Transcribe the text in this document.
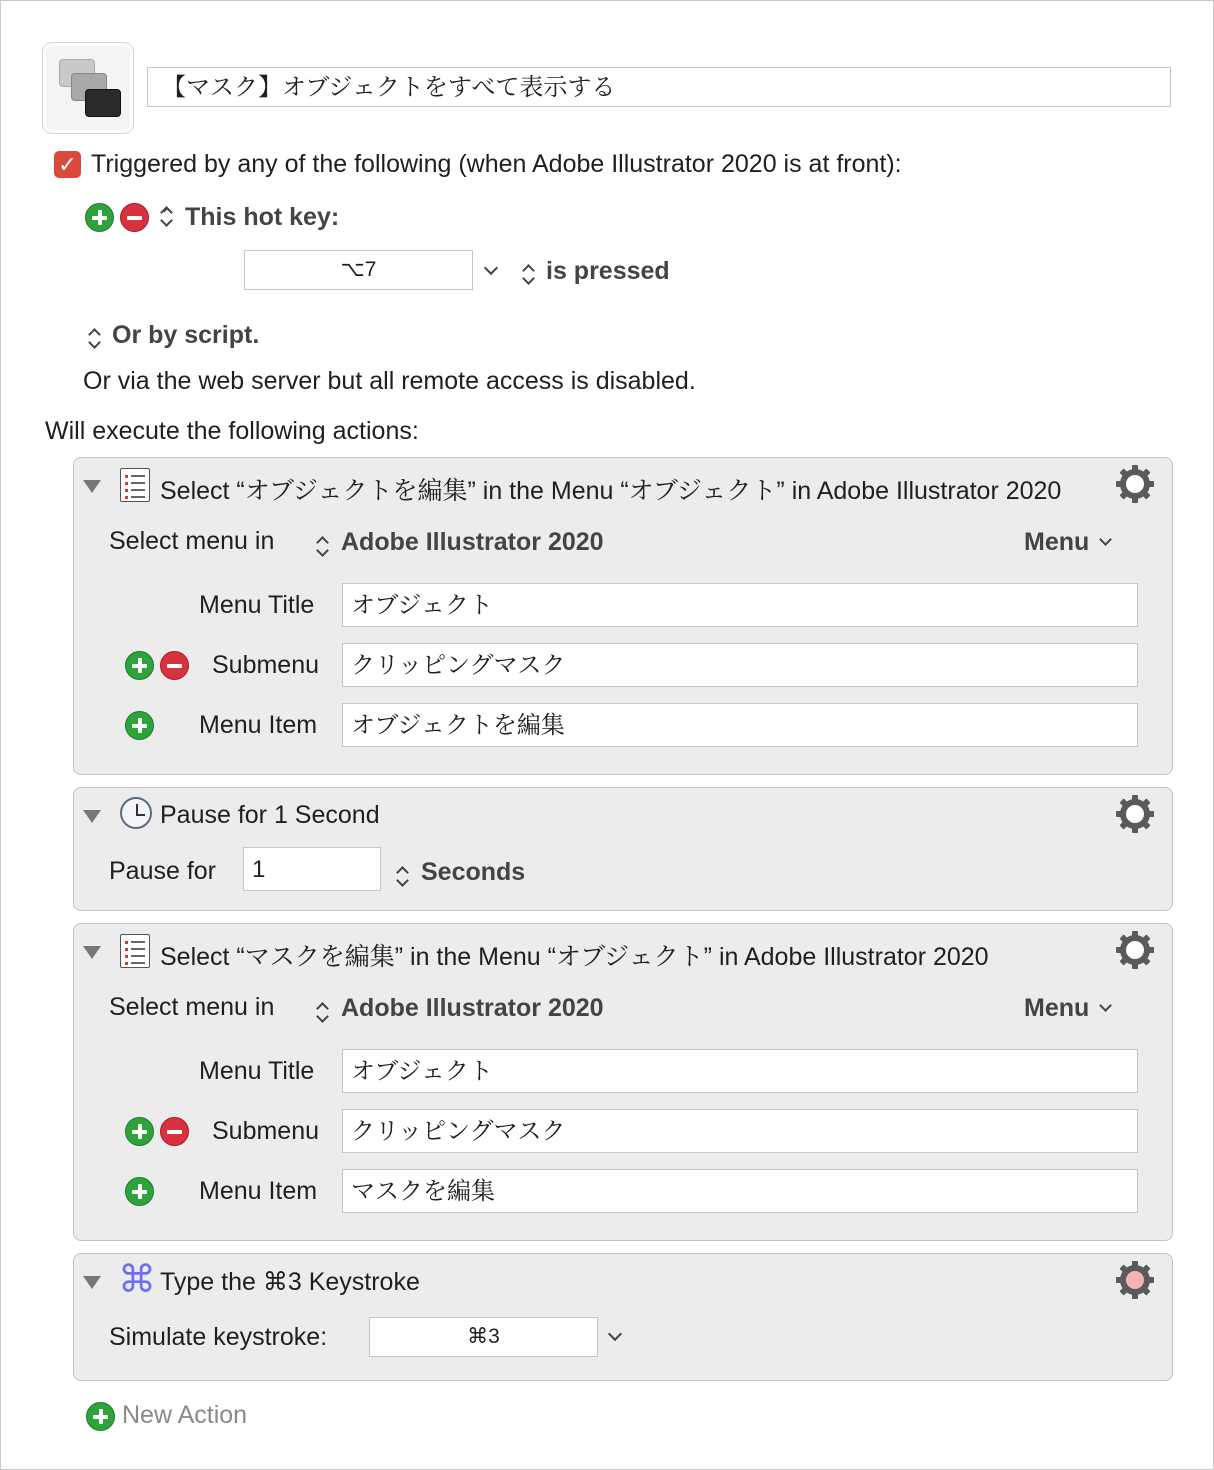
【マスク】オブジェクトをすべて表示する
✓ Triggered by any of the following (when Adobe Illustrator 2020 is at front):
⌃ This hot key:
⌥7	is pressed
Or by script.
Or via the web server but all remote access is disabled.
Will execute the following actions:
Select “オブジェクトを編集” in the Menu “オブジェクト” in Adobe Illustrator 2020
Select menu in	Adobe Illustrator 2020	Menu
Menu Title	オブジェクト
Submenu	クリッピングマスク
Menu Item	オブジェクトを編集
Pause for 1 Second
Pause for	1	Seconds
Select “マスクを編集” in the Menu “オブジェクト” in Adobe Illustrator 2020
Select menu in	Adobe Illustrator 2020	Menu
Menu Title	オブジェクト
Submenu	クリッピングマスク
Menu Item	マスクを編集
⌘ Type the ⌘3 Keystroke
Simulate keystroke:	⌘3
New Action
